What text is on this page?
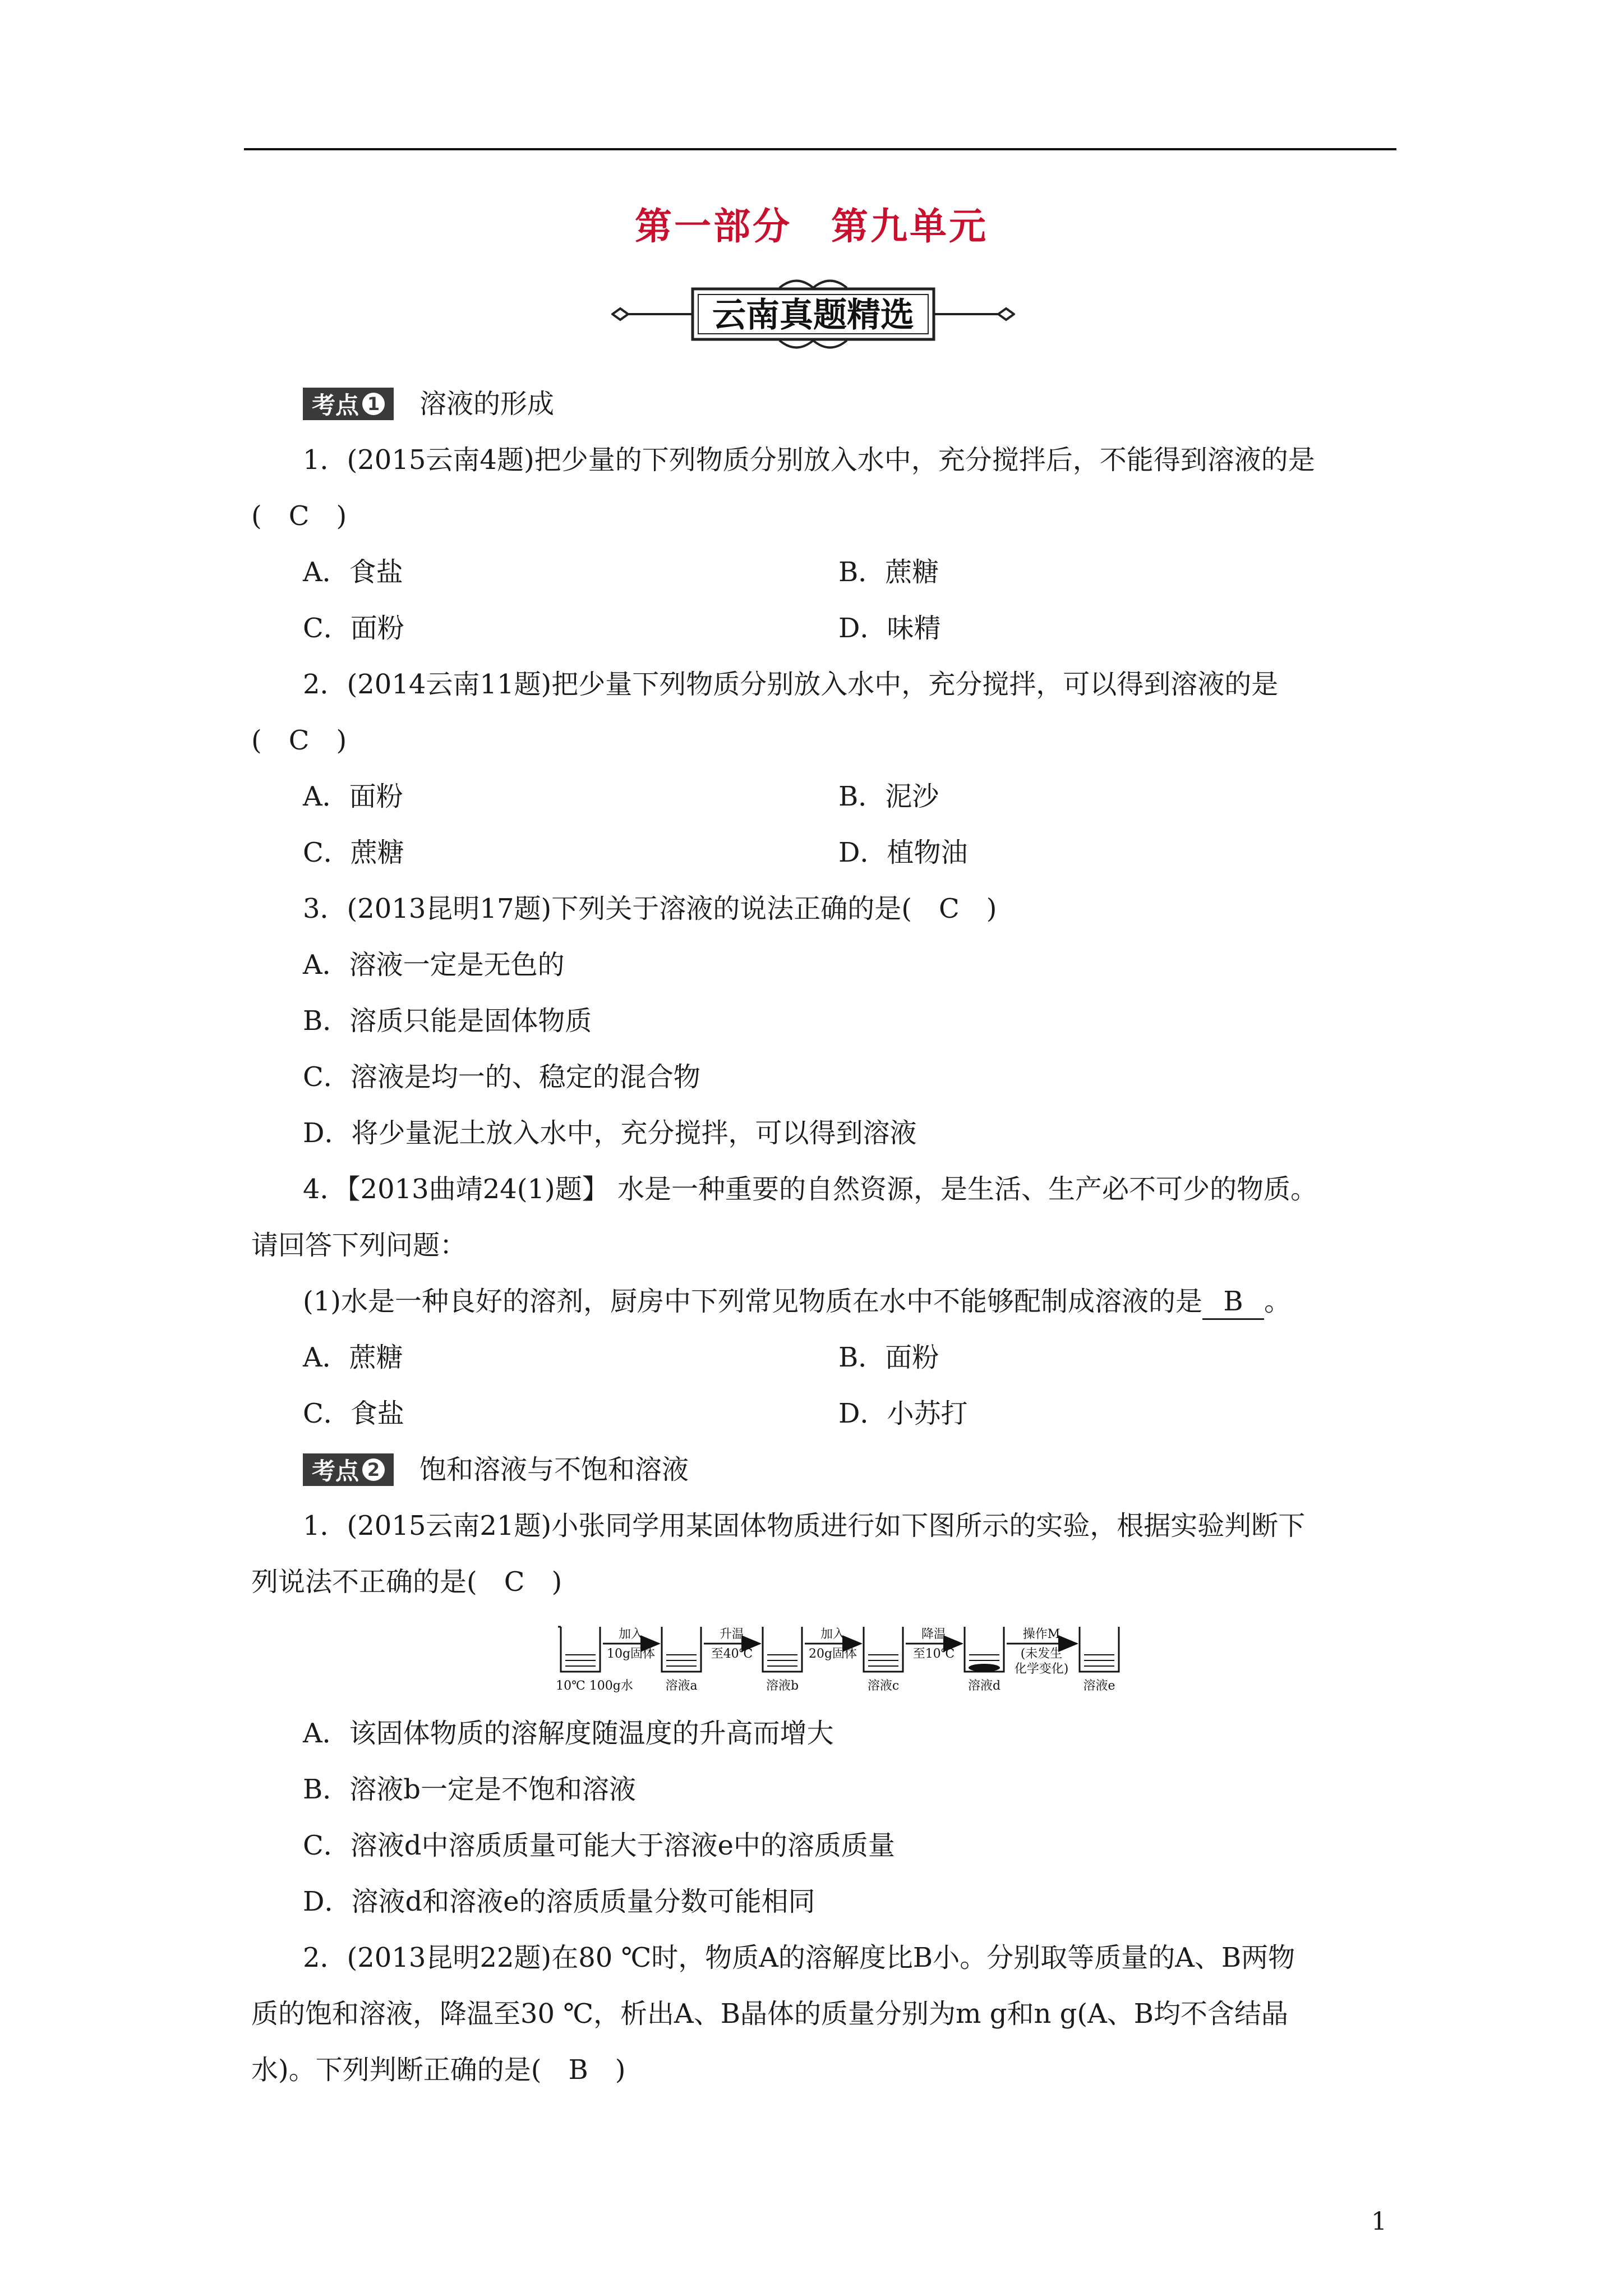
第一部分　第九单元
云南真题精选
考点 1 溶液的形成
1．(2015云南4题)把少量的下列物质分别放入水中，充分搅拌后，不能得到溶液的是
(　 C　 )
A．食盐	B．蔗糖
C．面粉	D．味精
2．(2014云南11题)把少量下列物质分别放入水中，充分搅拌，可以得到溶液的是
(　 C　 )
A．面粉	B．泥沙
C．蔗糖	D．植物油
3．(2013昆明17题)下列关于溶液的说法正确的是(　 C　 )
A．溶液一定是无色的
B．溶质只能是固体物质
C．溶液是均一的、稳定的混合物
D．将少量泥土放入水中，充分搅拌，可以得到溶液
4．【2013曲靖24(1)题】 水是一种重要的自然资源，是生活、生产必不可少的物质。
请回答下列问题：
(1)水是一种良好的溶剂，厨房中下列常见物质在水中不能够配制成溶液的是 B 。
A．蔗糖	B．面粉
C．食盐	D．小苏打
考点 2 饱和溶液与不饱和溶液
1．(2015云南21题)小张同学用某固体物质进行如下图所示的实验，根据实验判断下
列说法不正确的是(　 C　 )
加入
10g固体
升温
至40℃
加入
20g固体
降温
至10℃
操作M
(未发生
化学变化)
10℃ 100g水	溶液a	溶液b	溶液c	溶液d	溶液e
A．该固体物质的溶解度随温度的升高而增大
B．溶液b一定是不饱和溶液
C．溶液d中溶质质量可能大于溶液e中的溶质质量
D．溶液d和溶液e的溶质质量分数可能相同
2．(2013昆明22题)在80 ℃时，物质A的溶解度比B小。分别取等质量的A、B两物
质的饱和溶液，降温至30 ℃，析出A、B晶体的质量分别为m g和n g(A、B均不含结晶
水)。下列判断正确的是(　 B　 )
1
